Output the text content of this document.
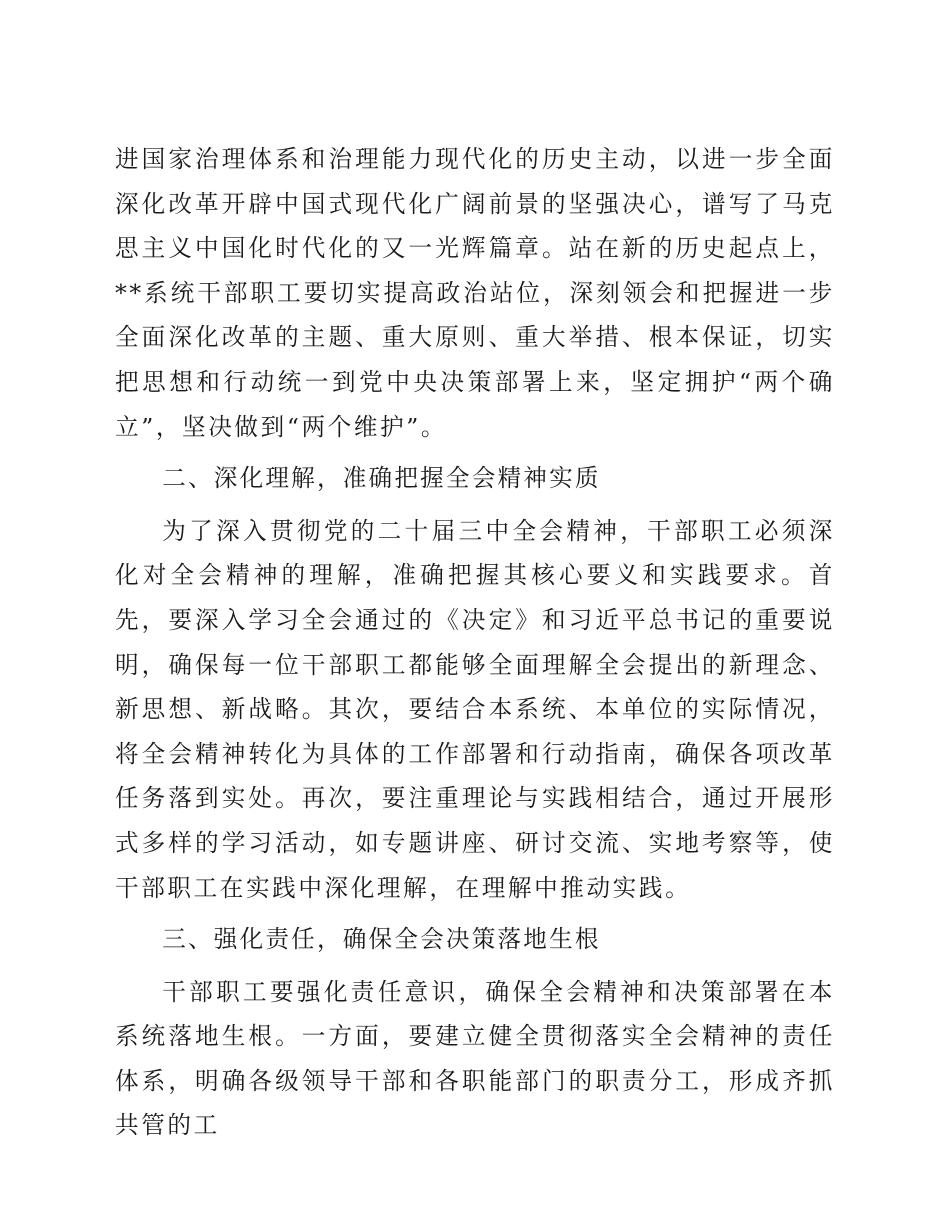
进国家治理体系和治理能力现代化的历史主动，以进一步全面深化改革开辟中国式现代化广阔前景的坚强决心，谱写了马克思主义中国化时代化的又一光辉篇章。站在新的历史起点上，**系统干部职工要切实提高政治站位，深刻领会和把握进一步全面深化改革的主题、重大原则、重大举措、根本保证，切实把思想和行动统一到党中央决策部署上来，坚定拥护“两个确立”，坚决做到“两个维护”。

二、深化理解，准确把握全会精神实质

为了深入贯彻党的二十届三中全会精神，干部职工必须深化对全会精神的理解，准确把握其核心要义和实践要求。首先，要深入学习全会通过的《决定》和习近平总书记的重要说明，确保每一位干部职工都能够全面理解全会提出的新理念、新思想、新战略。其次，要结合本系统、本单位的实际情况，将全会精神转化为具体的工作部署和行动指南，确保各项改革任务落到实处。再次，要注重理论与实践相结合，通过开展形式多样的学习活动，如专题讲座、研讨交流、实地考察等，使干部职工在实践中深化理解，在理解中推动实践。

三、强化责任，确保全会决策落地生根

干部职工要强化责任意识，确保全会精神和决策部署在本系统落地生根。一方面，要建立健全贯彻落实全会精神的责任体系，明确各级领导干部和各职能部门的职责分工，形成齐抓共管的工
